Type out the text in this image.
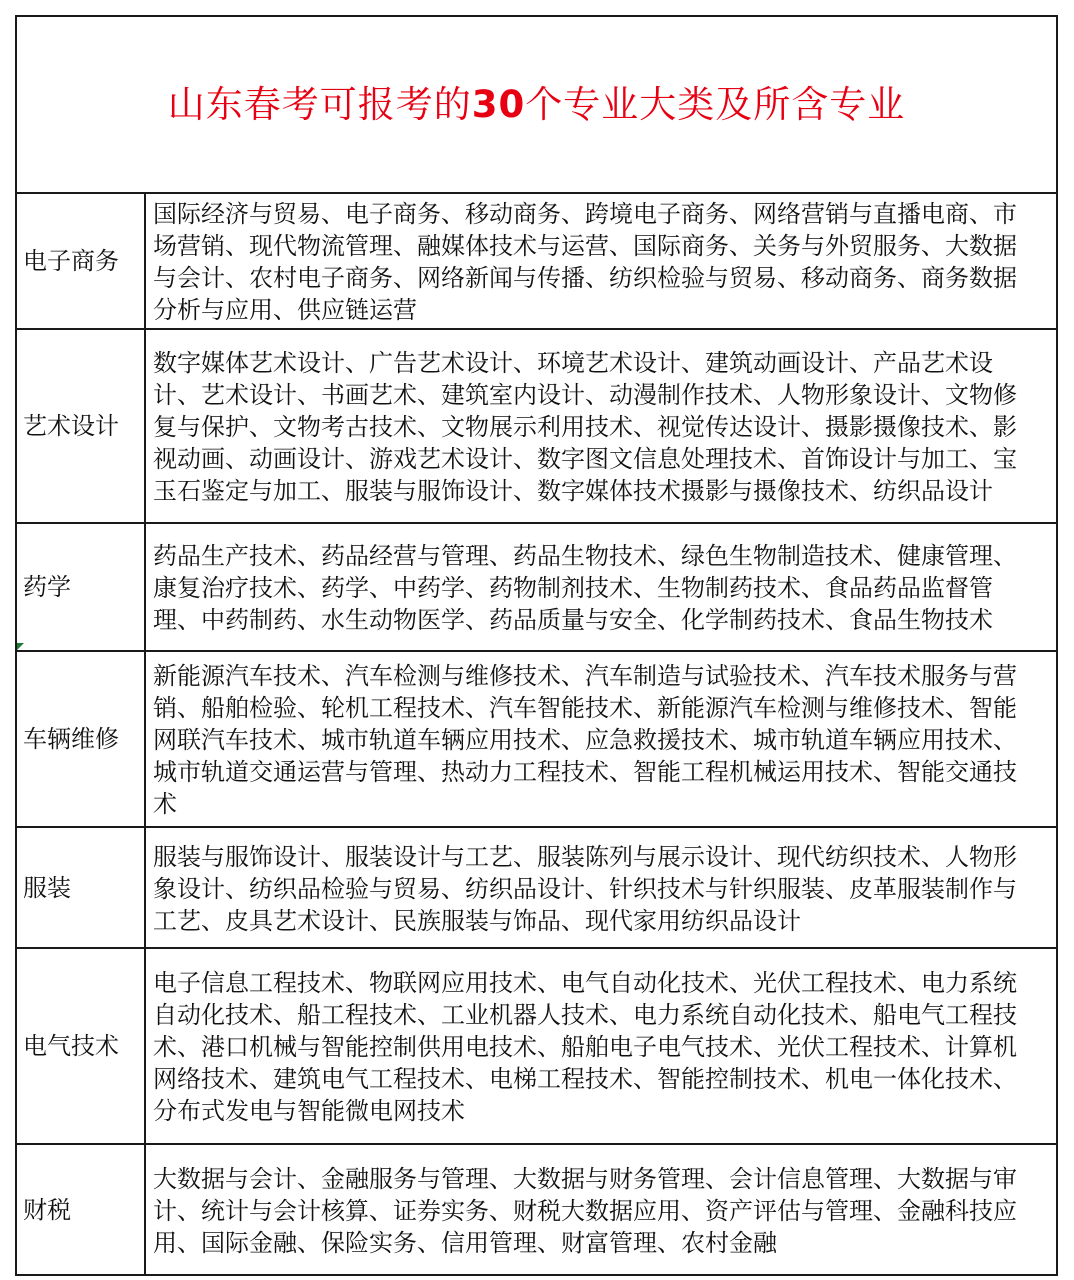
山东春考可报考的30个专业大类及所含专业	
电子商务	国际经济与贸易、电子商务、移动商务、跨境电子商务、网络营销与直播电商、市场营销、现代物流管理、融媒体技术与运营、国际商务、关务与外贸服务、大数据与会计、农村电子商务、网络新闻与传播、纺织检验与贸易、移动商务、商务数据分析与应用、供应链运营
艺术设计	数字媒体艺术设计、广告艺术设计、环境艺术设计、建筑动画设计、产品艺术设计、艺术设计、书画艺术、建筑室内设计、动漫制作技术、人物形象设计、文物修复与保护、文物考古技术、文物展示利用技术、视觉传达设计、摄影摄像技术、影视动画、动画设计、游戏艺术设计、数字图文信息处理技术、首饰设计与加工、宝玉石鉴定与加工、服装与服饰设计、数字媒体技术摄影与摄像技术、纺织品设计
药学	药品生产技术、药品经营与管理、药品生物技术、绿色生物制造技术、健康管理、康复治疗技术、药学、中药学、药物制剂技术、生物制药技术、食品药品监督管理、中药制药、水生动物医学、药品质量与安全、化学制药技术、食品生物技术
车辆维修	新能源汽车技术、汽车检测与维修技术、汽车制造与试验技术、汽车技术服务与营销、船舶检验、轮机工程技术、汽车智能技术、新能源汽车检测与维修技术、智能网联汽车技术、城市轨道车辆应用技术、应急救援技术、城市轨道车辆应用技术、城市轨道交通运营与管理、热动力工程技术、智能工程机械运用技术、智能交通技术
服装	服装与服饰设计、服装设计与工艺、服装陈列与展示设计、现代纺织技术、人物形象设计、纺织品检验与贸易、纺织品设计、针织技术与针织服装、皮革服装制作与工艺、皮具艺术设计、民族服装与饰品、现代家用纺织品设计
电气技术	电子信息工程技术、物联网应用技术、电气自动化技术、光伏工程技术、电力系统自动化技术、船工程技术、工业机器人技术、电力系统自动化技术、船电气工程技术、港口机械与智能控制供用电技术、船舶电子电气技术、光伏工程技术、计算机网络技术、建筑电气工程技术、电梯工程技术、智能控制技术、机电一体化技术、分布式发电与智能微电网技术
财税	大数据与会计、金融服务与管理、大数据与财务管理、会计信息管理、大数据与审计、统计与会计核算、证券实务、财税大数据应用、资产评估与管理、金融科技应用、国际金融、保险实务、信用管理、财富管理、农村金融
